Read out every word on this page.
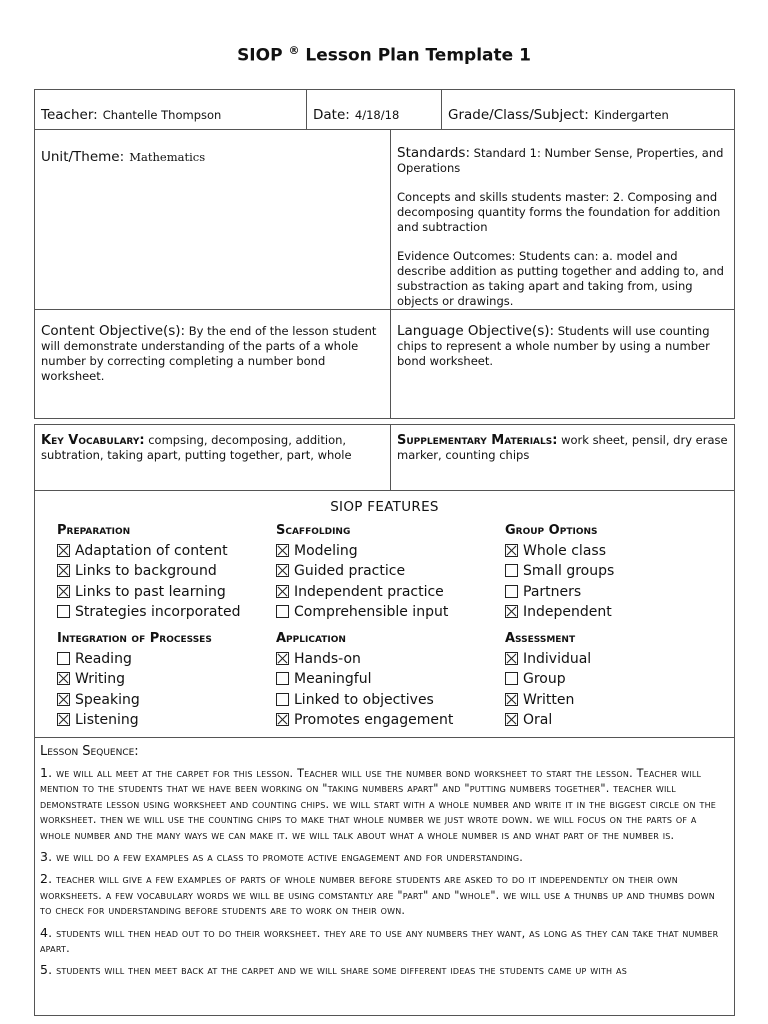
SIOP ® Lesson Plan Template 1
Teacher: Chantelle Thompson	Date: 4/18/18	Grade/Class/Subject: Kindergarten
Unit/Theme: Mathematics	Standards: Standard 1: Number Sense, Properties, and Operations
Concepts and skills students master: 2. Composing and decomposing quantity forms the foundation for addition and subtraction
Evidence Outcomes: Students can: a. model and describe addition as putting together and adding to, and substraction as taking apart and taking from, using objects or drawings.

Content Objective(s): By the end of the lesson student will demonstrate understanding of the parts of a whole number by correcting completing a number bond worksheet.	Language Objective(s): Students will use counting chips to represent a whole number by using a number bond worksheet.
Key Vocabulary: compsing, decomposing, addition, subtration, taking apart, putting together, part, whole

Supplementary Materials: work sheet, pensil, dry erase marker, counting chips

SIOP FEATURES
Preparation
Adaptation of content
Links to background
Links to past learning
Strategies incorporated
Scaffolding
Modeling
Guided practice
Independent practice
Comprehensible input
Group Options
Whole class
Small groups
Partners
Independent
Integration of Processes
Reading
Writing
Speaking
Listening
Application
Hands-on
Meaningful
Linked to objectives
Promotes engagement
Assessment
Individual
Group
Written
Oral

Lesson Sequence:

1. we will all meet at the carpet for this lesson. Teacher will use the number bond worksheet to start the lesson. Teacher will mention to the students that we have been working on "taking numbers apart" and "putting numbers together". teacher will demonstrate lesson using worksheet and counting chips. we will start with a whole number and write it in the biggest circle on the worksheet. then we will use the counting chips to make that whole number we just wrote down. we will focus on the parts of a whole number and the many ways we can make it. we will talk about what a whole number is and what part of the number is.

3. we will do a few examples as a class to promote active engagement and for understanding.

2. teacher will give a few examples of parts of whole number before students are asked to do it independently on their own worksheets. a few vocabulary words we will be using comstantly are "part" and "whole". we will use a thunbs up and thumbs down to check for understanding before students are to work on their own.

4. students will then head out to do their worksheet. they are to use any numbers they want, as long as they can take that number apart.

5. students will then meet back at the carpet and we will share some different ideas the students came up with as
